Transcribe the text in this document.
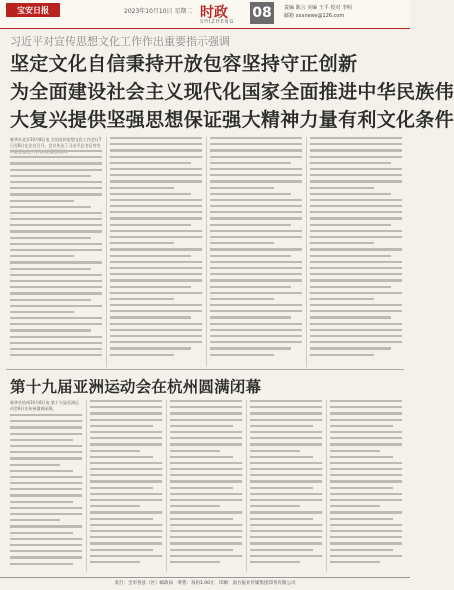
宝安日报	2023年10月10日 星期二 时政
SHIZHENG
08	责编 陈言 美编 王平 校对 李明
邮箱 xxxnews@126.com
习近平对宣传思想文化工作作出重要指示强调
坚定文化自信秉持开放包容坚持守正创新
为全面建设社会主义现代化国家全面推进中华民族伟
大复兴提供坚强思想保证强大精神力量有利文化条件
新华社北京10月8日电 全国宣传思想文化工作会议7日至8日在北京召开。会议传达了习近平总书记对宣
第十九届亚洲运动会在杭州圆满闭幕
新华社杭州10月8日电 第十九届亚洲运动会8日在杭州圆满闭幕。
发行：全市各县（区）邮政局　零售：每份1.00元　印刷：南方报业传媒集团印务有限公司
